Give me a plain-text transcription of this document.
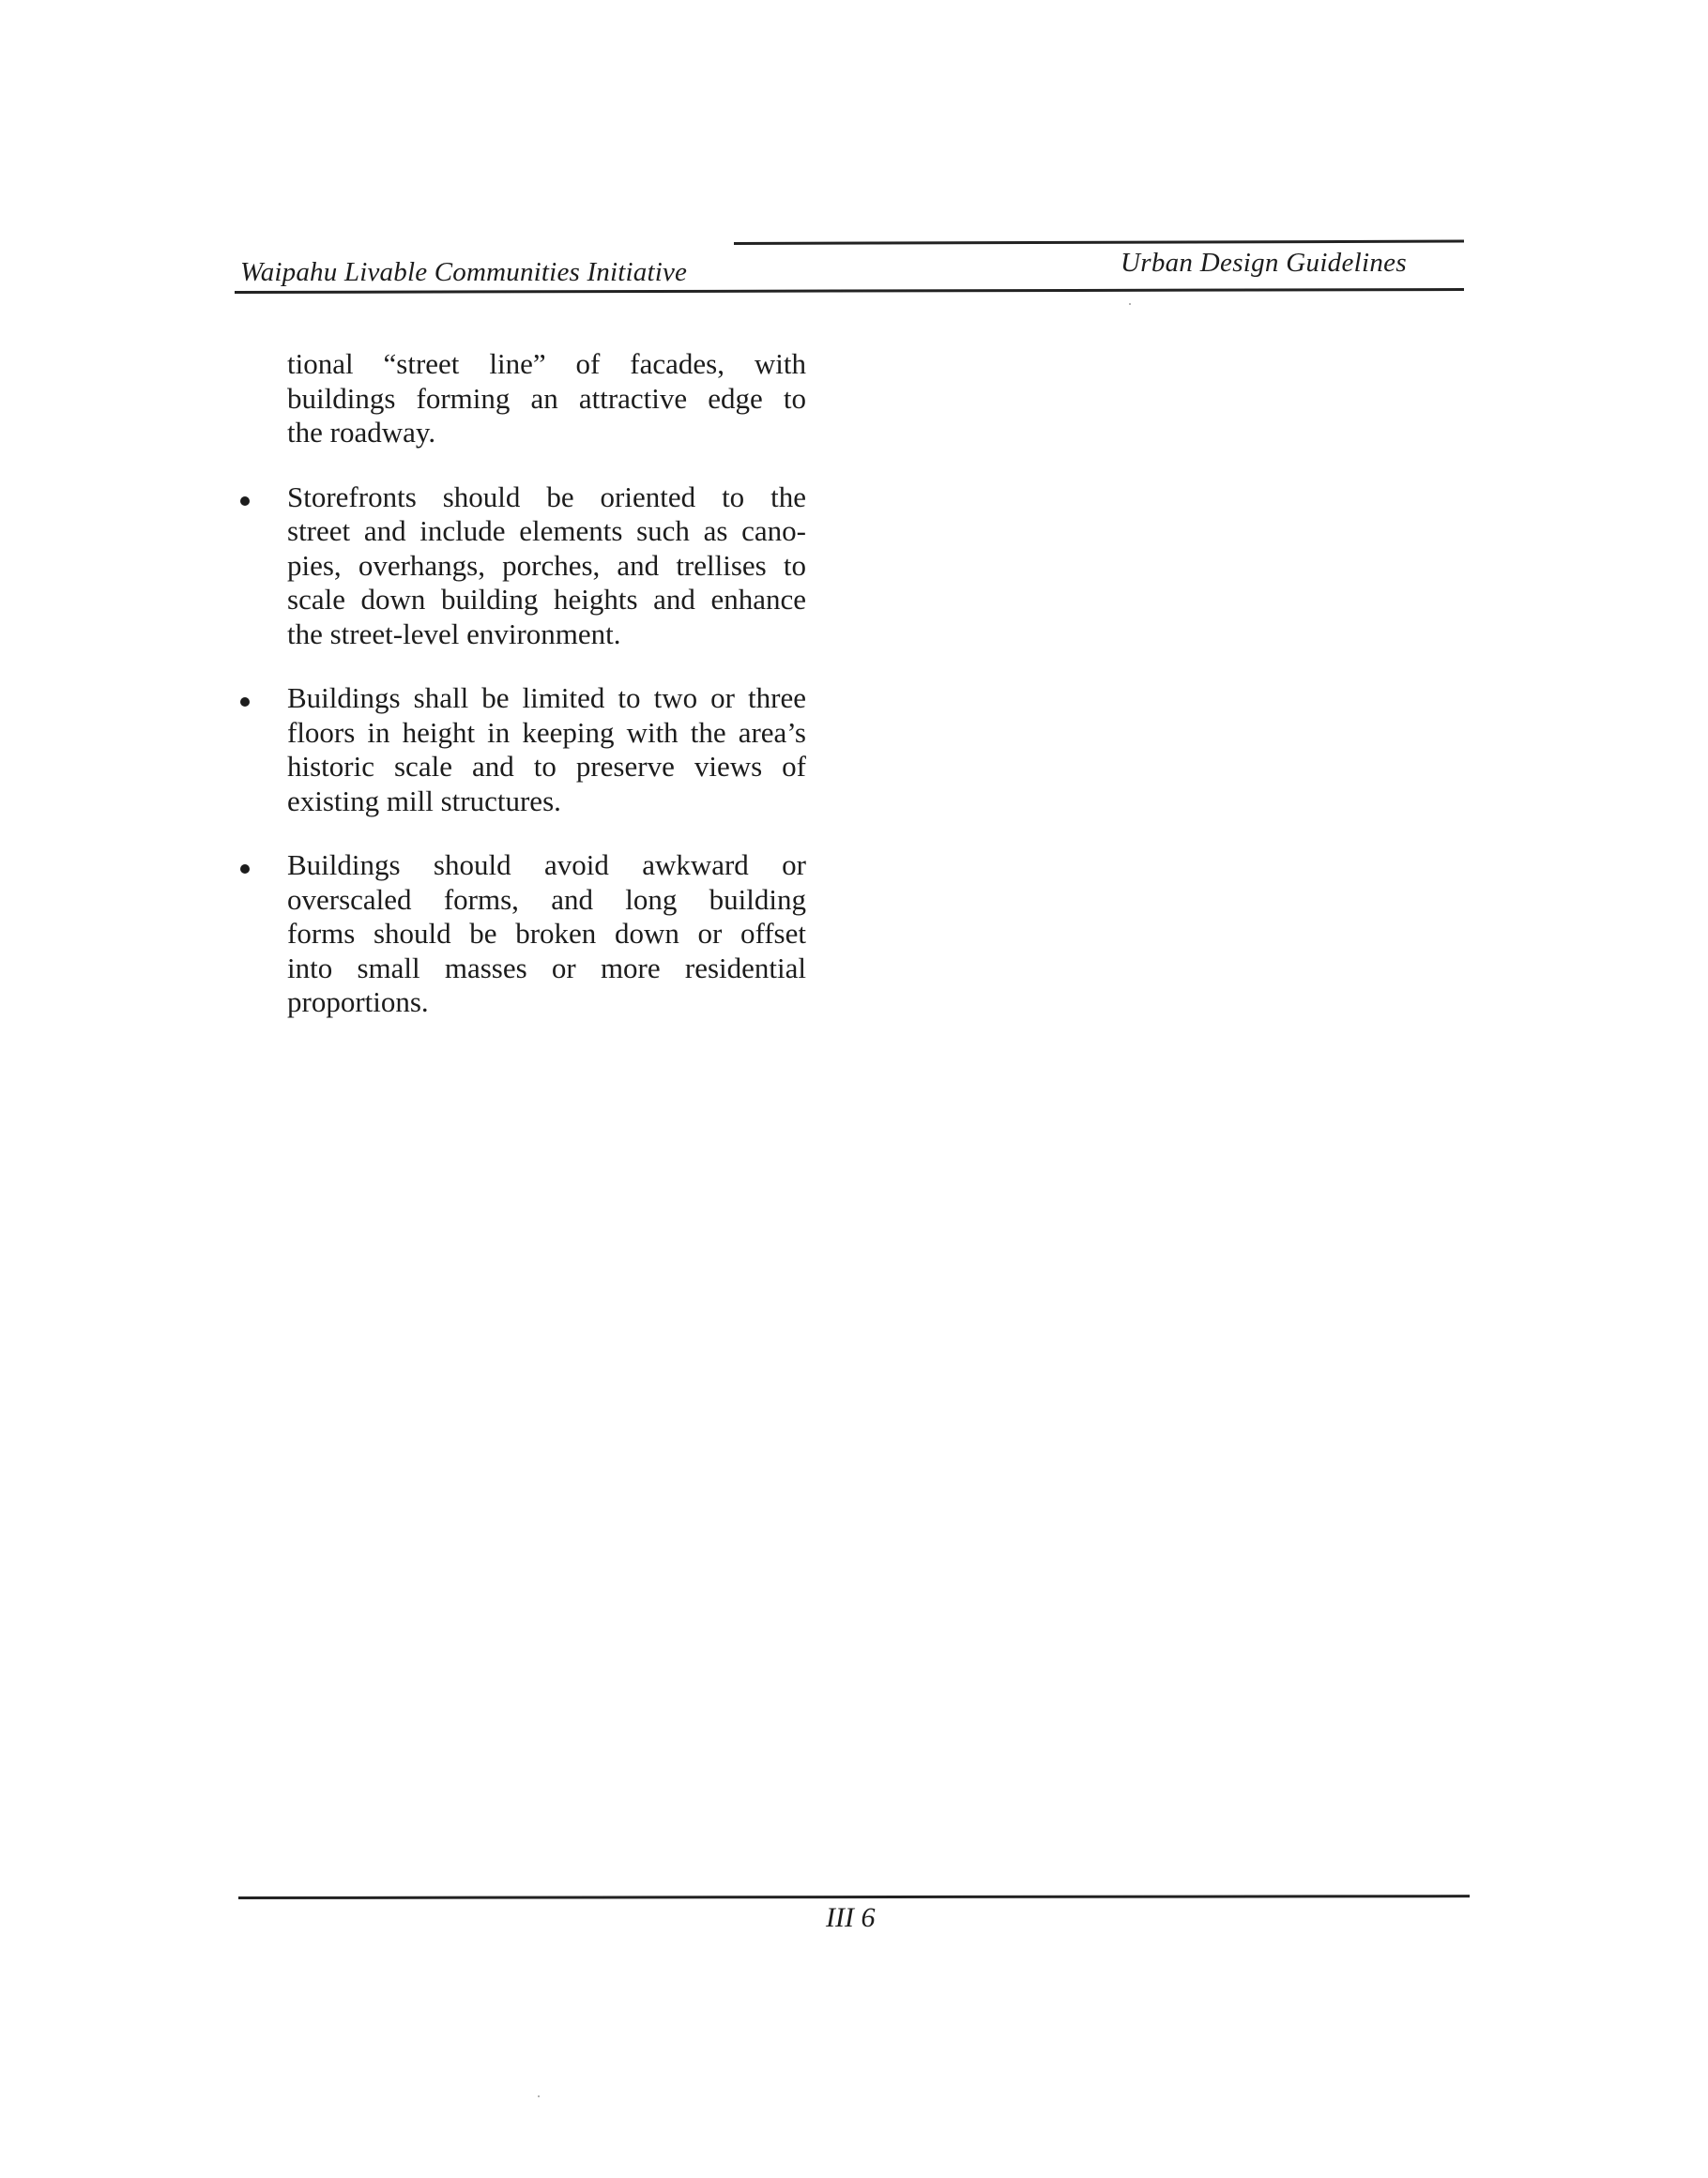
Waipahu Livable Communities Initiative	Urban Design Guidelines
tional “street line” of facades, with
buildings forming an attractive edge to
the roadway.
Storefronts should be oriented to the
street and include elements such as cano-
pies, overhangs, porches, and trellises to
scale down building heights and enhance
the street-level environment.
Buildings shall be limited to two or three
floors in height in keeping with the area’s
historic scale and to preserve views of
existing mill structures.
Buildings should avoid awkward or
overscaled forms, and long building
forms should be broken down or offset
into small masses or more residential
proportions.
III 6
